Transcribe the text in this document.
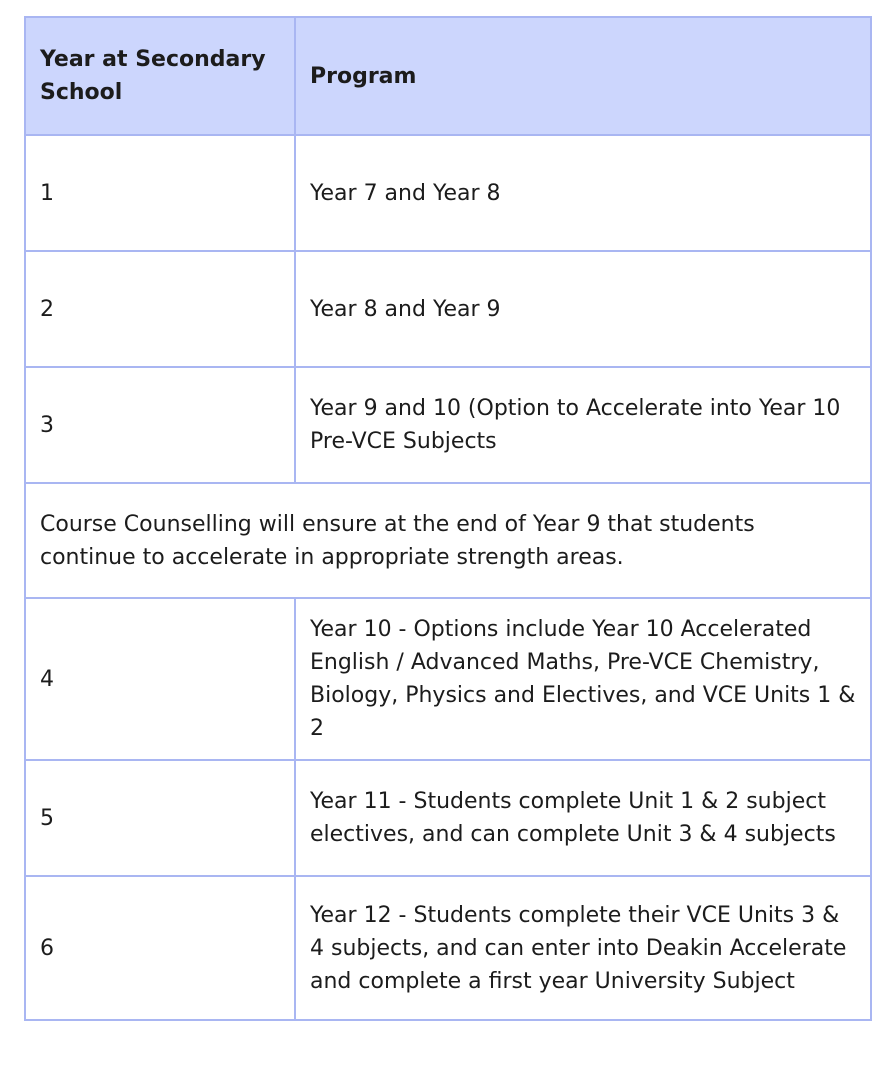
Year at Secondary School	Program
1	Year 7 and Year 8
2	Year 8 and Year 9
3	Year 9 and 10 (Option to Accelerate into Year 10 Pre-VCE Subjects
Course Counselling will ensure at the end of Year 9 that students continue to accelerate in appropriate strength areas.	
4	Year 10 - Options include Year 10 Accelerated English / Advanced Maths, Pre-VCE Chemistry, Biology, Physics and Electives, and VCE Units 1 & 2
5	Year 11 - Students complete Unit 1 & 2 subject electives, and can complete Unit 3 & 4 subjects
6	Year 12 - Students complete their VCE Units 3 & 4 subjects, and can enter into Deakin Accelerate and complete a first year University Subject
